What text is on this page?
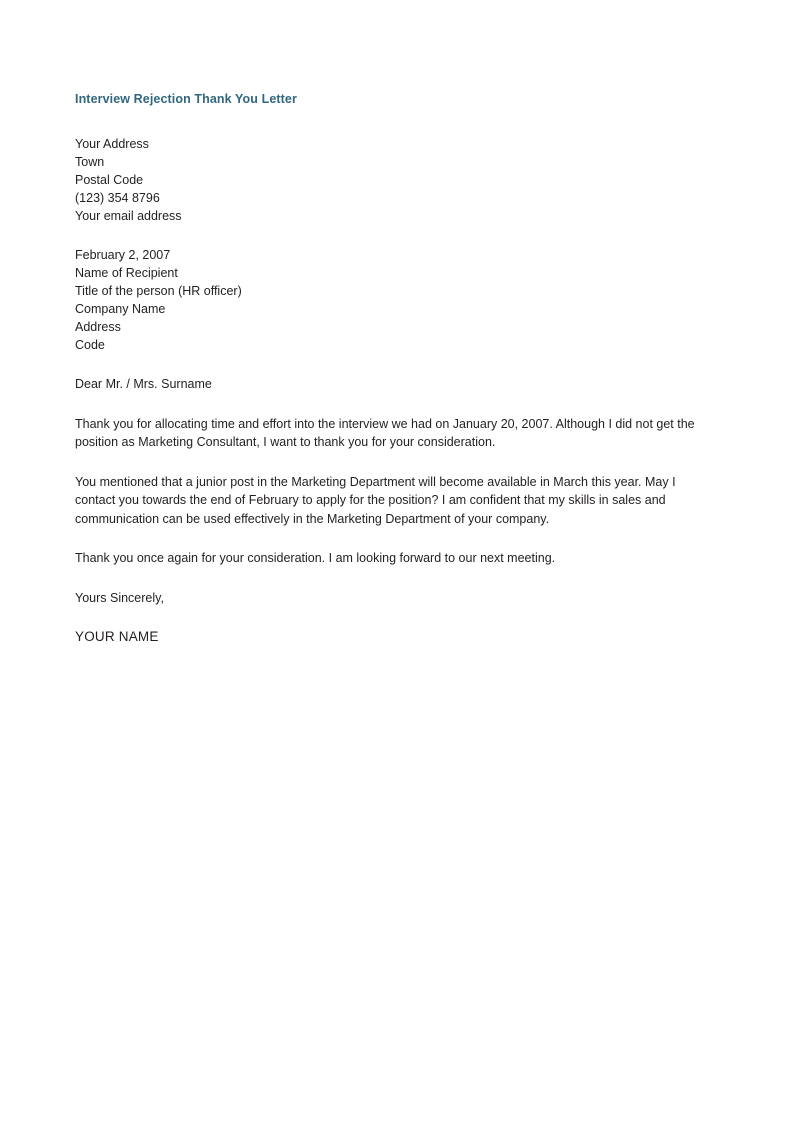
Interview Rejection Thank You Letter
Your Address
Town
Postal Code
(123) 354 8796
Your email address
February 2, 2007
Name of Recipient
Title of the person (HR officer)
Company Name
Address
Code

Dear Mr. / Mrs. Surname

Thank you for allocating time and effort into the interview we had on January 20, 2007. Although I did not get the position as Marketing Consultant, I want to thank you for your consideration.

You mentioned that a junior post in the Marketing Department will become available in March this year. May I contact you towards the end of February to apply for the position? I am confident that my skills in sales and communication can be used effectively in the Marketing Department of your company.

Thank you once again for your consideration. I am looking forward to our next meeting.

Yours Sincerely,

YOUR NAME
